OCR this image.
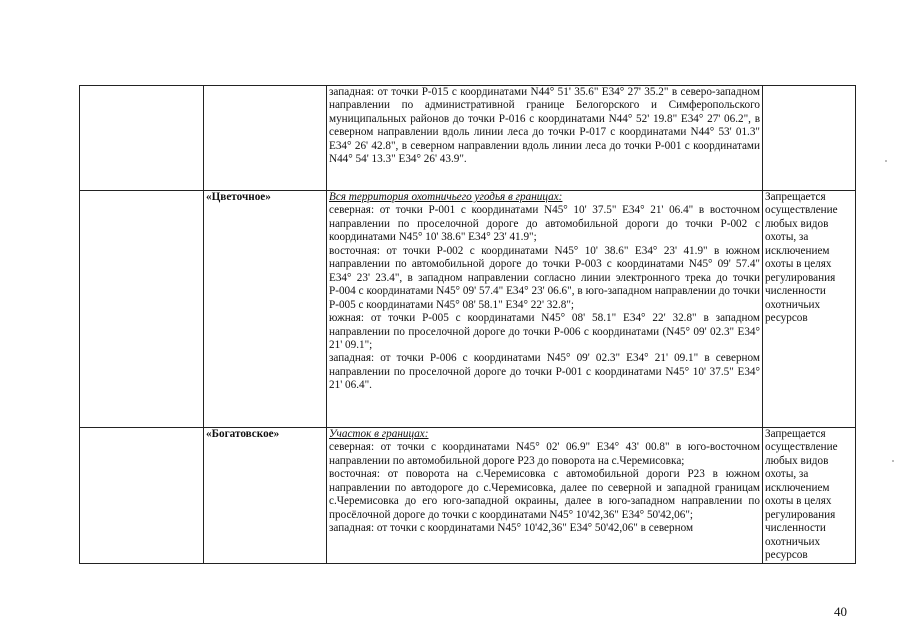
		западная: от точки Р-015 с координатами N44° 51' 35.6" E34° 27' 35.2" в северо-западном направлении по административной границе Белогорского и Симферопольского муниципальных районов до точки Р-016 с координатами N44° 52' 19.8" E34° 27' 06.2", в северном направлении вдоль линии леса до точки Р-017 с координатами N44° 53' 01.3" E34° 26' 42.8", в северном направлении вдоль линии леса до точки Р-001 с координатами N44° 54' 13.3" E34° 26' 43.9".	

	«Цветочное»	Вся территория охотничьего угодья в границах:

северная: от точки Р-001 с координатами N45° 10' 37.5" E34° 21' 06.4" в восточном направлении по проселочной дороге до автомобильной дороги до точки Р-002 с координатами N45° 10' 38.6" E34° 23' 41.9";

восточная: от точки Р-002 с координатами N45° 10' 38.6" E34° 23' 41.9" в южном направлении по автомобильной дороге до точки Р-003 с координатами N45° 09' 57.4" E34° 23' 23.4", в западном направлении согласно линии электронного трека до точки Р-004 с координатами N45° 09' 57.4" E34° 23' 06.6", в юго-западном направлении до точки Р-005 с координатами N45° 08' 58.1" E34° 22' 32.8";

южная: от точки Р-005 с координатами N45° 08' 58.1" E34° 22' 32.8" в западном направлении по проселочной дороге до точки Р-006 с координатами (N45° 09' 02.3" E34° 21' 09.1";

западная: от точки Р-006 с координатами N45° 09' 02.3" E34° 21' 09.1" в северном направлении по проселочной дороге до точки Р-001 с координатами N45° 10' 37.5" E34° 21' 06.4".	Запрещается осуществление любых видов охоты, за исключением охоты в целях регулирования численности охотничьих ресурсов
	«Богатовское»	Участок в границах:

северная: от точки с координатами N45° 02' 06.9" E34° 43' 00.8" в юго-восточном направлении по автомобильной дороге Р23 до поворота на с.Черемисовка;

восточная: от поворота на с.Черемисовка с автомобильной дороги Р23 в южном направлении по автодороге до с.Черемисовка, далее по северной и западной границам с.Черемисовка до его юго-западной окраины, далее в юго-западном направлении по просёлочной дороге до точки с координатами N45° 10'42,36" E34° 50'42,06";

западная: от точки с координатами N45° 10'42,36" E34° 50'42,06" в северном	Запрещается осуществление любых видов охоты, за исключением охоты в целях регулирования численности охотничьих ресурсов
40
